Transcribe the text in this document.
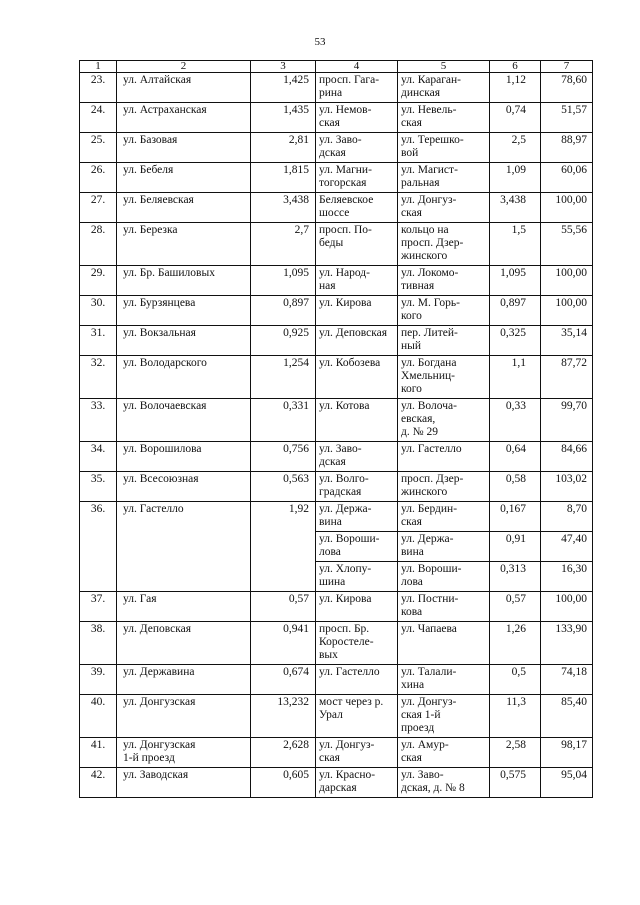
53
1	2	3	4	5	6	7
23.	ул. Алтайская	1,425	просп. Гага-
рина	ул. Караган-
динская	1,12	78,60
24.	ул. Астраханская	1,435	ул. Немов-
ская	ул. Невель-
ская	0,74	51,57
25.	ул. Базовая	2,81	ул. Заво-
дская	ул. Терешко-
вой	2,5	88,97
26.	ул. Бебеля	1,815	ул. Магни-
тогорская	ул. Магист-
ральная	1,09	60,06
27.	ул. Беляевская	3,438	Беляевское
шоссе	ул. Донгуз-
ская	3,438	100,00
28.	ул. Березка	2,7	просп. По-
беды	кольцо на
просп. Дзер-
жинского	1,5	55,56
29.	ул. Бр. Башиловых	1,095	ул. Народ-
ная	ул. Локомо-
тивная	1,095	100,00
30.	ул. Бурзянцева	0,897	ул. Кирова	ул. М. Горь-
кого	0,897	100,00
31.	ул. Вокзальная	0,925	ул. Деповская	пер. Литей-
ный	0,325	35,14
32.	ул. Володарского	1,254	ул. Кобозева	ул. Богдана
Хмельниц-
кого	1,1	87,72
33.	ул. Волочаевская	0,331	ул. Котова	ул. Волоча-
евская,
д. № 29	0,33	99,70
34.	ул. Ворошилова	0,756	ул. Заво-
дская	ул. Гастелло	0,64	84,66
35.	ул. Всесоюзная	0,563	ул. Волго-
градская	просп. Дзер-
жинского	0,58	103,02
36.	ул. Гастелло	1,92	ул. Держа-
вина	ул. Бердин-
ская	0,167	8,70
			ул. Вороши-
лова	ул. Держа-
вина	0,91	47,40
			ул. Хлопу-
шина	ул. Вороши-
лова	0,313	16,30
37.	ул. Гая	0,57	ул. Кирова	ул. Постни-
кова	0,57	100,00
38.	ул. Деповская	0,941	просп. Бр.
Коростеле-
вых	ул. Чапаева	1,26	133,90
39.	ул. Державина	0,674	ул. Гастелло	ул. Талали-
хина	0,5	74,18
40.	ул. Донгузская	13,232	мост через р.
Урал	ул. Донгуз-
ская 1-й
проезд	11,3	85,40
41.	ул. Донгузская
1-й проезд	2,628	ул. Донгуз-
ская	ул. Амур-
ская	2,58	98,17
42.	ул. Заводская	0,605	ул. Красно-
дарская	ул. Заво-
дская, д. № 8	0,575	95,04
